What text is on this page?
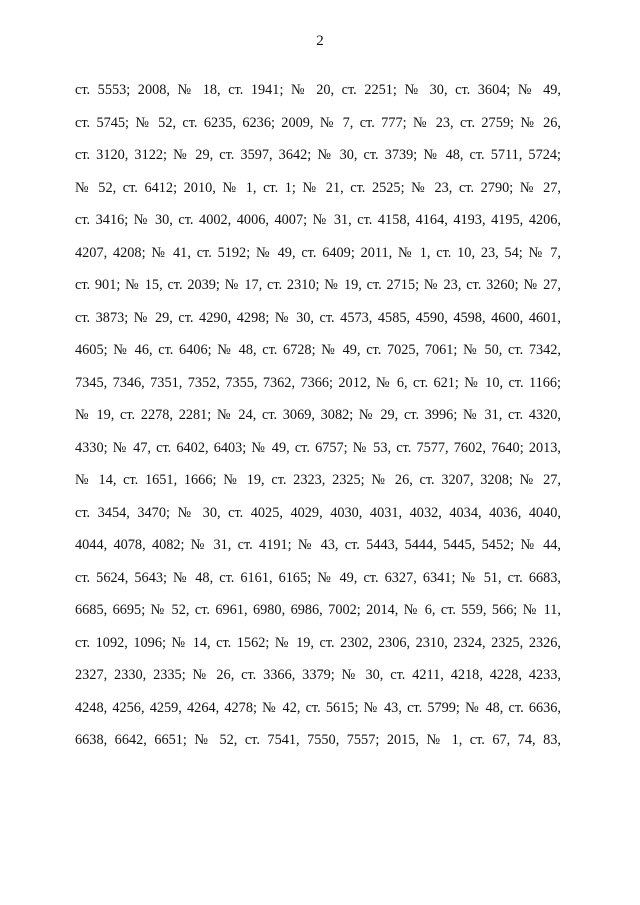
2
ст. 5553; 2008, № 18, ст. 1941; № 20, ст. 2251; № 30, ст. 3604; № 49,
ст. 5745; № 52, ст. 6235, 6236; 2009, № 7, ст. 777; № 23, ст. 2759; № 26,
ст. 3120, 3122; № 29, ст. 3597, 3642; № 30, ст. 3739; № 48, ст. 5711, 5724;
№ 52, ст. 6412; 2010, № 1, ст. 1; № 21, ст. 2525; № 23, ст. 2790; № 27,
ст. 3416; № 30, ст. 4002, 4006, 4007; № 31, ст. 4158, 4164, 4193, 4195, 4206,
4207, 4208; № 41, ст. 5192; № 49, ст. 6409; 2011, № 1, ст. 10, 23, 54; № 7,
ст. 901; № 15, ст. 2039; № 17, ст. 2310; № 19, ст. 2715; № 23, ст. 3260; № 27,
ст. 3873; № 29, ст. 4290, 4298; № 30, ст. 4573, 4585, 4590, 4598, 4600, 4601,
4605; № 46, ст. 6406; № 48, ст. 6728; № 49, ст. 7025, 7061; № 50, ст. 7342,
7345, 7346, 7351, 7352, 7355, 7362, 7366; 2012, № 6, ст. 621; № 10, ст. 1166;
№ 19, ст. 2278, 2281; № 24, ст. 3069, 3082; № 29, ст. 3996; № 31, ст. 4320,
4330; № 47, ст. 6402, 6403; № 49, ст. 6757; № 53, ст. 7577, 7602, 7640; 2013,
№ 14, ст. 1651, 1666; № 19, ст. 2323, 2325; № 26, ст. 3207, 3208; № 27,
ст. 3454, 3470; № 30, ст. 4025, 4029, 4030, 4031, 4032, 4034, 4036, 4040,
4044, 4078, 4082; № 31, ст. 4191; № 43, ст. 5443, 5444, 5445, 5452; № 44,
ст. 5624, 5643; № 48, ст. 6161, 6165; № 49, ст. 6327, 6341; № 51, ст. 6683,
6685, 6695; № 52, ст. 6961, 6980, 6986, 7002; 2014, № 6, ст. 559, 566; № 11,
ст. 1092, 1096; № 14, ст. 1562; № 19, ст. 2302, 2306, 2310, 2324, 2325, 2326,
2327, 2330, 2335; № 26, ст. 3366, 3379; № 30, ст. 4211, 4218, 4228, 4233,
4248, 4256, 4259, 4264, 4278; № 42, ст. 5615; № 43, ст. 5799; № 48, ст. 6636,
6638, 6642, 6651; № 52, ст. 7541, 7550, 7557; 2015, № 1, ст. 67, 74, 83,
